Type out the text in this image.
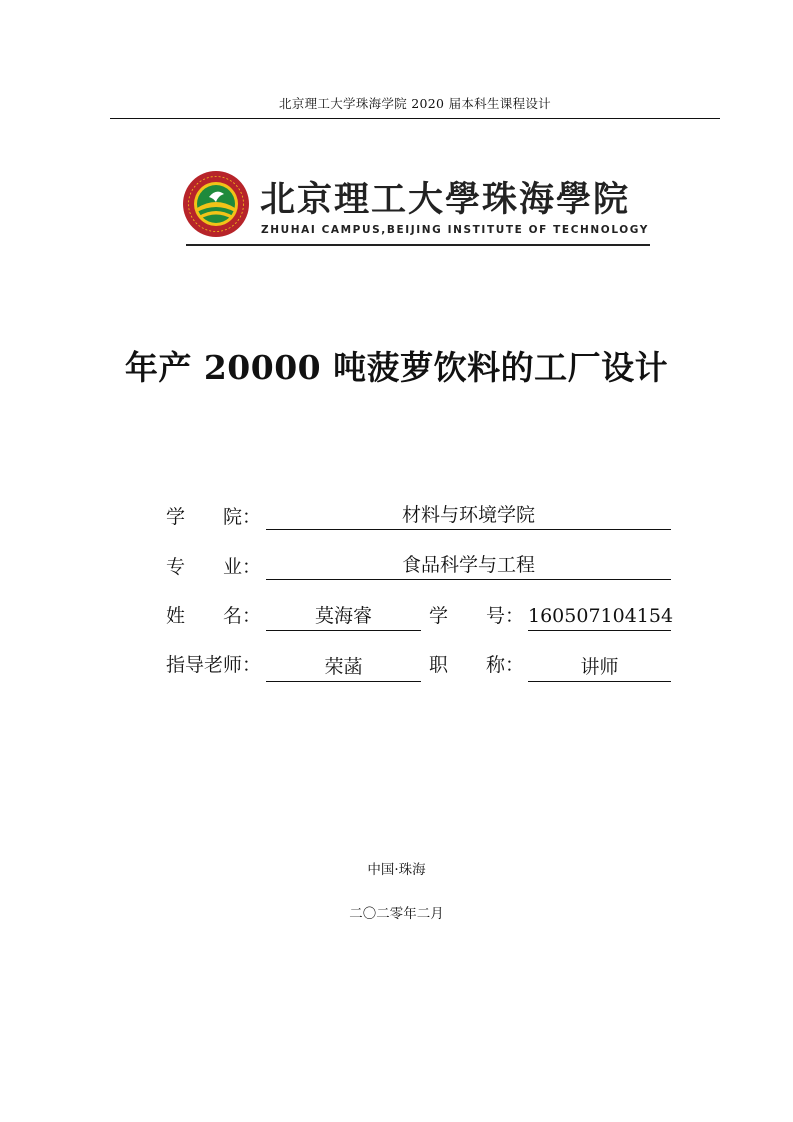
北京理工大学珠海学院 2020 届本科生课程设计
北京理工大學珠海學院
ZHUHAI CAMPUS,BEIJING INSTITUTE OF TECHNOLOGY
年产 20000 吨菠萝饮料的工厂设计
学　　院：	材料与环境学院
专　　业：	食品科学与工程
姓　　名：	莫海睿	学　　号： 160507104154
指导老师：	荣菡	职　　称：	讲师
中国·珠海
二〇二零年二月
